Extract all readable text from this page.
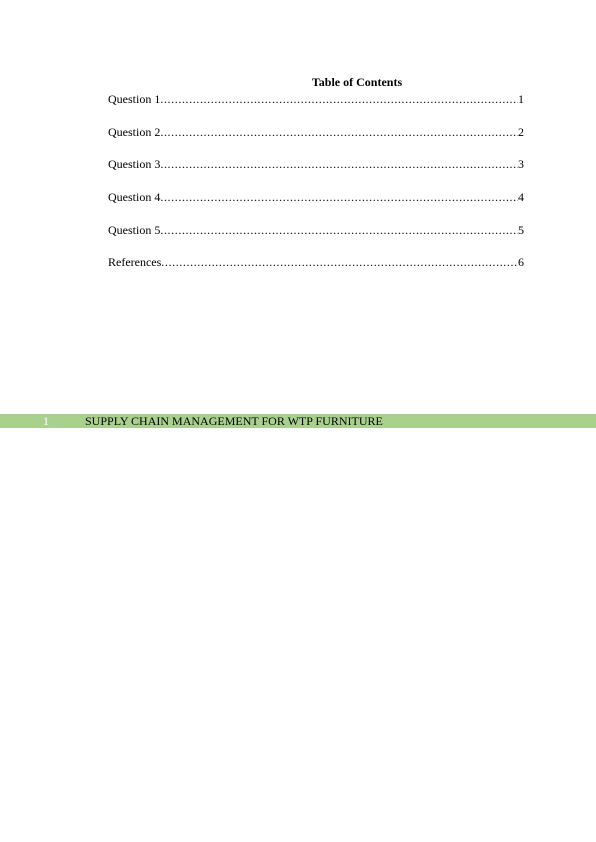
Table of Contents
Question 1 .....	1
Question 2 .....	2
Question 3 .....	3
Question 4 .....	4
Question 5 .....	5
References .....	6
1	SUPPLY CHAIN MANAGEMENT FOR WTP FURNITURE
